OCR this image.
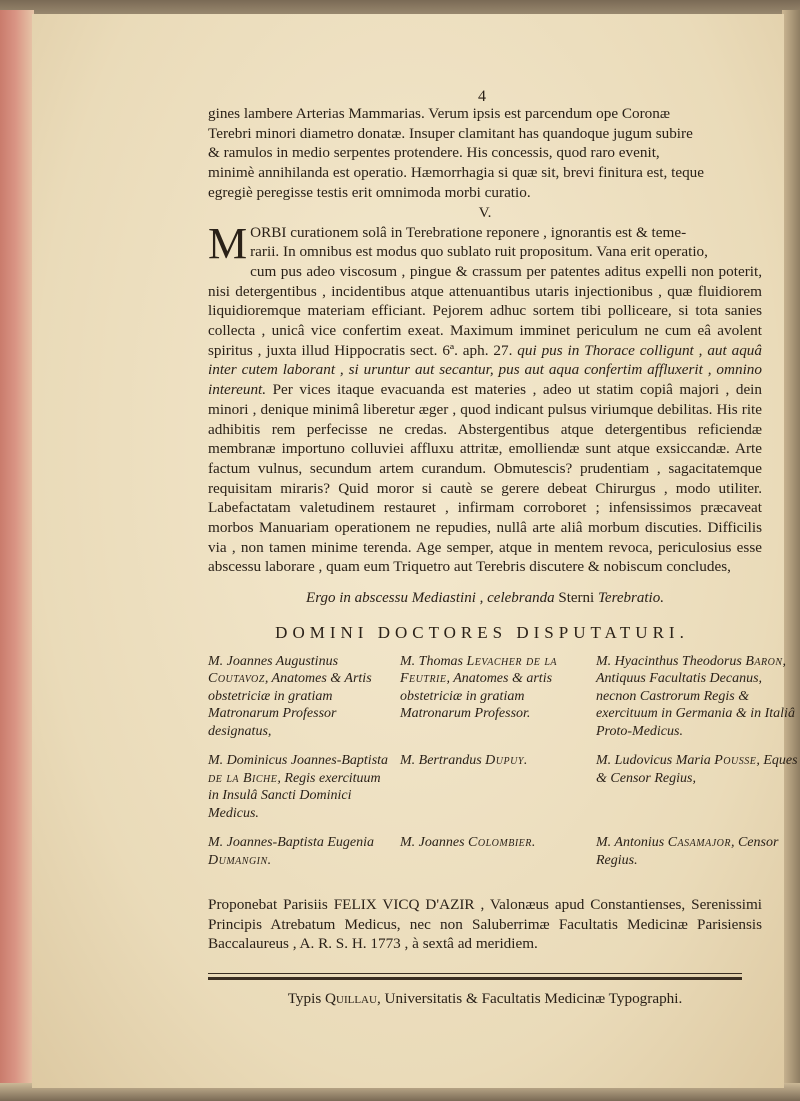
4

gines lambere Arterias Mammarias. Verum ipsis est parcendum ope Coronæ

Terebri minori diametro donatæ. Insuper clamitant has quandoque jugum subire

& ramulos in medio serpentes protendere. His concessis, quod raro evenit,

minimè annihilanda est operatio. Hæmorrhagia si quæ sit, brevi finitura est, teque

egregiè peregisse testis erit omnimoda morbi curatio.

V.

M ORBI curationem solâ in Terebratione reponere , ignorantis est & teme-

rarii. In omnibus est modus quo sublato ruit propositum. Vana erit operatio,

cum pus adeo viscosum , pingue & crassum per patentes aditus expelli non poterit, nisi detergentibus , incidentibus atque attenuantibus utaris injectionibus , quæ fluidiorem liquidioremque materiam efficiant. Pejorem adhuc sortem tibi polliceare, si tota sanies collecta , unicâ vice confertim exeat. Maximum imminet periculum ne cum eâ avolent spiritus , juxta illud Hippocratis sect. 6ª. aph. 27. qui pus in Thorace colligunt , aut aquâ inter cutem laborant , si uruntur aut secantur, pus aut aqua confertim affluxerit , omnino intereunt. Per vices itaque evacuanda est materies , adeo ut statim copiâ majori , dein minori , denique minimâ liberetur æger , quod indicant pulsus viriumque debilitas. His rite adhibitis rem perfecisse ne credas. Abstergentibus atque detergentibus reficiendæ membranæ importuno colluviei affluxu attritæ, emolliendæ sunt atque exsiccandæ. Arte factum vulnus, secundum artem curandum. Obmutescis? prudentiam , sagacitatemque requisitam miraris? Quid moror si cautè se gerere debeat Chirurgus , modo utiliter. Labefactatam valetudinem restauret , infirmam corroboret ; infensissimos præcaveat morbos Manuariam operationem ne repudies, nullâ arte aliâ morbum discuties. Difficilis via , non tamen minime terenda. Age semper, atque in mentem revoca, periculosius esse abscessu laborare , quam eum Triquetro aut Terebris discutere & nobiscum concludes,

Ergo in abscessu Mediastini , celebranda Sterni Terebratio.

DOMINI DOCTORES DISPUTATURI.
M. Joannes Augustinus Coutavoz, Anatomes & Artis obstetriciæ in gratiam Matronarum Professor designatus,
M. Thomas Levacher de la Feutrie, Anatomes & artis obstetriciæ in gratiam Matronarum Professor.
M. Hyacinthus Theodorus Baron, Antiquus Facultatis Decanus, necnon Castrorum Regis & exercituum in Germania & in Italiâ Proto-Medicus.
M. Dominicus Joannes-Baptista de la Biche, Regis exercituum in Insulâ Sancti Dominici Medicus.
M. Bertrandus Dupuy.	M. Ludovicus Maria Pousse, Eques & Censor Regius,
M. Joannes-Baptista Eugenia Dumangin.
M. Joannes Colombier.	M. Antonius Casamajor, Censor Regius.

Proponebat Parisiis FELIX VICQ D'AZIR , Valonæus apud Constantienses, Serenissimi Principis Atrebatum Medicus, nec non Saluberrimæ Facultatis Medicinæ Parisiensis Baccalaureus , A. R. S. H. 1773 , à sextâ ad meridiem.

Typis Quillau, Universitatis & Facultatis Medicinæ Typographi.
